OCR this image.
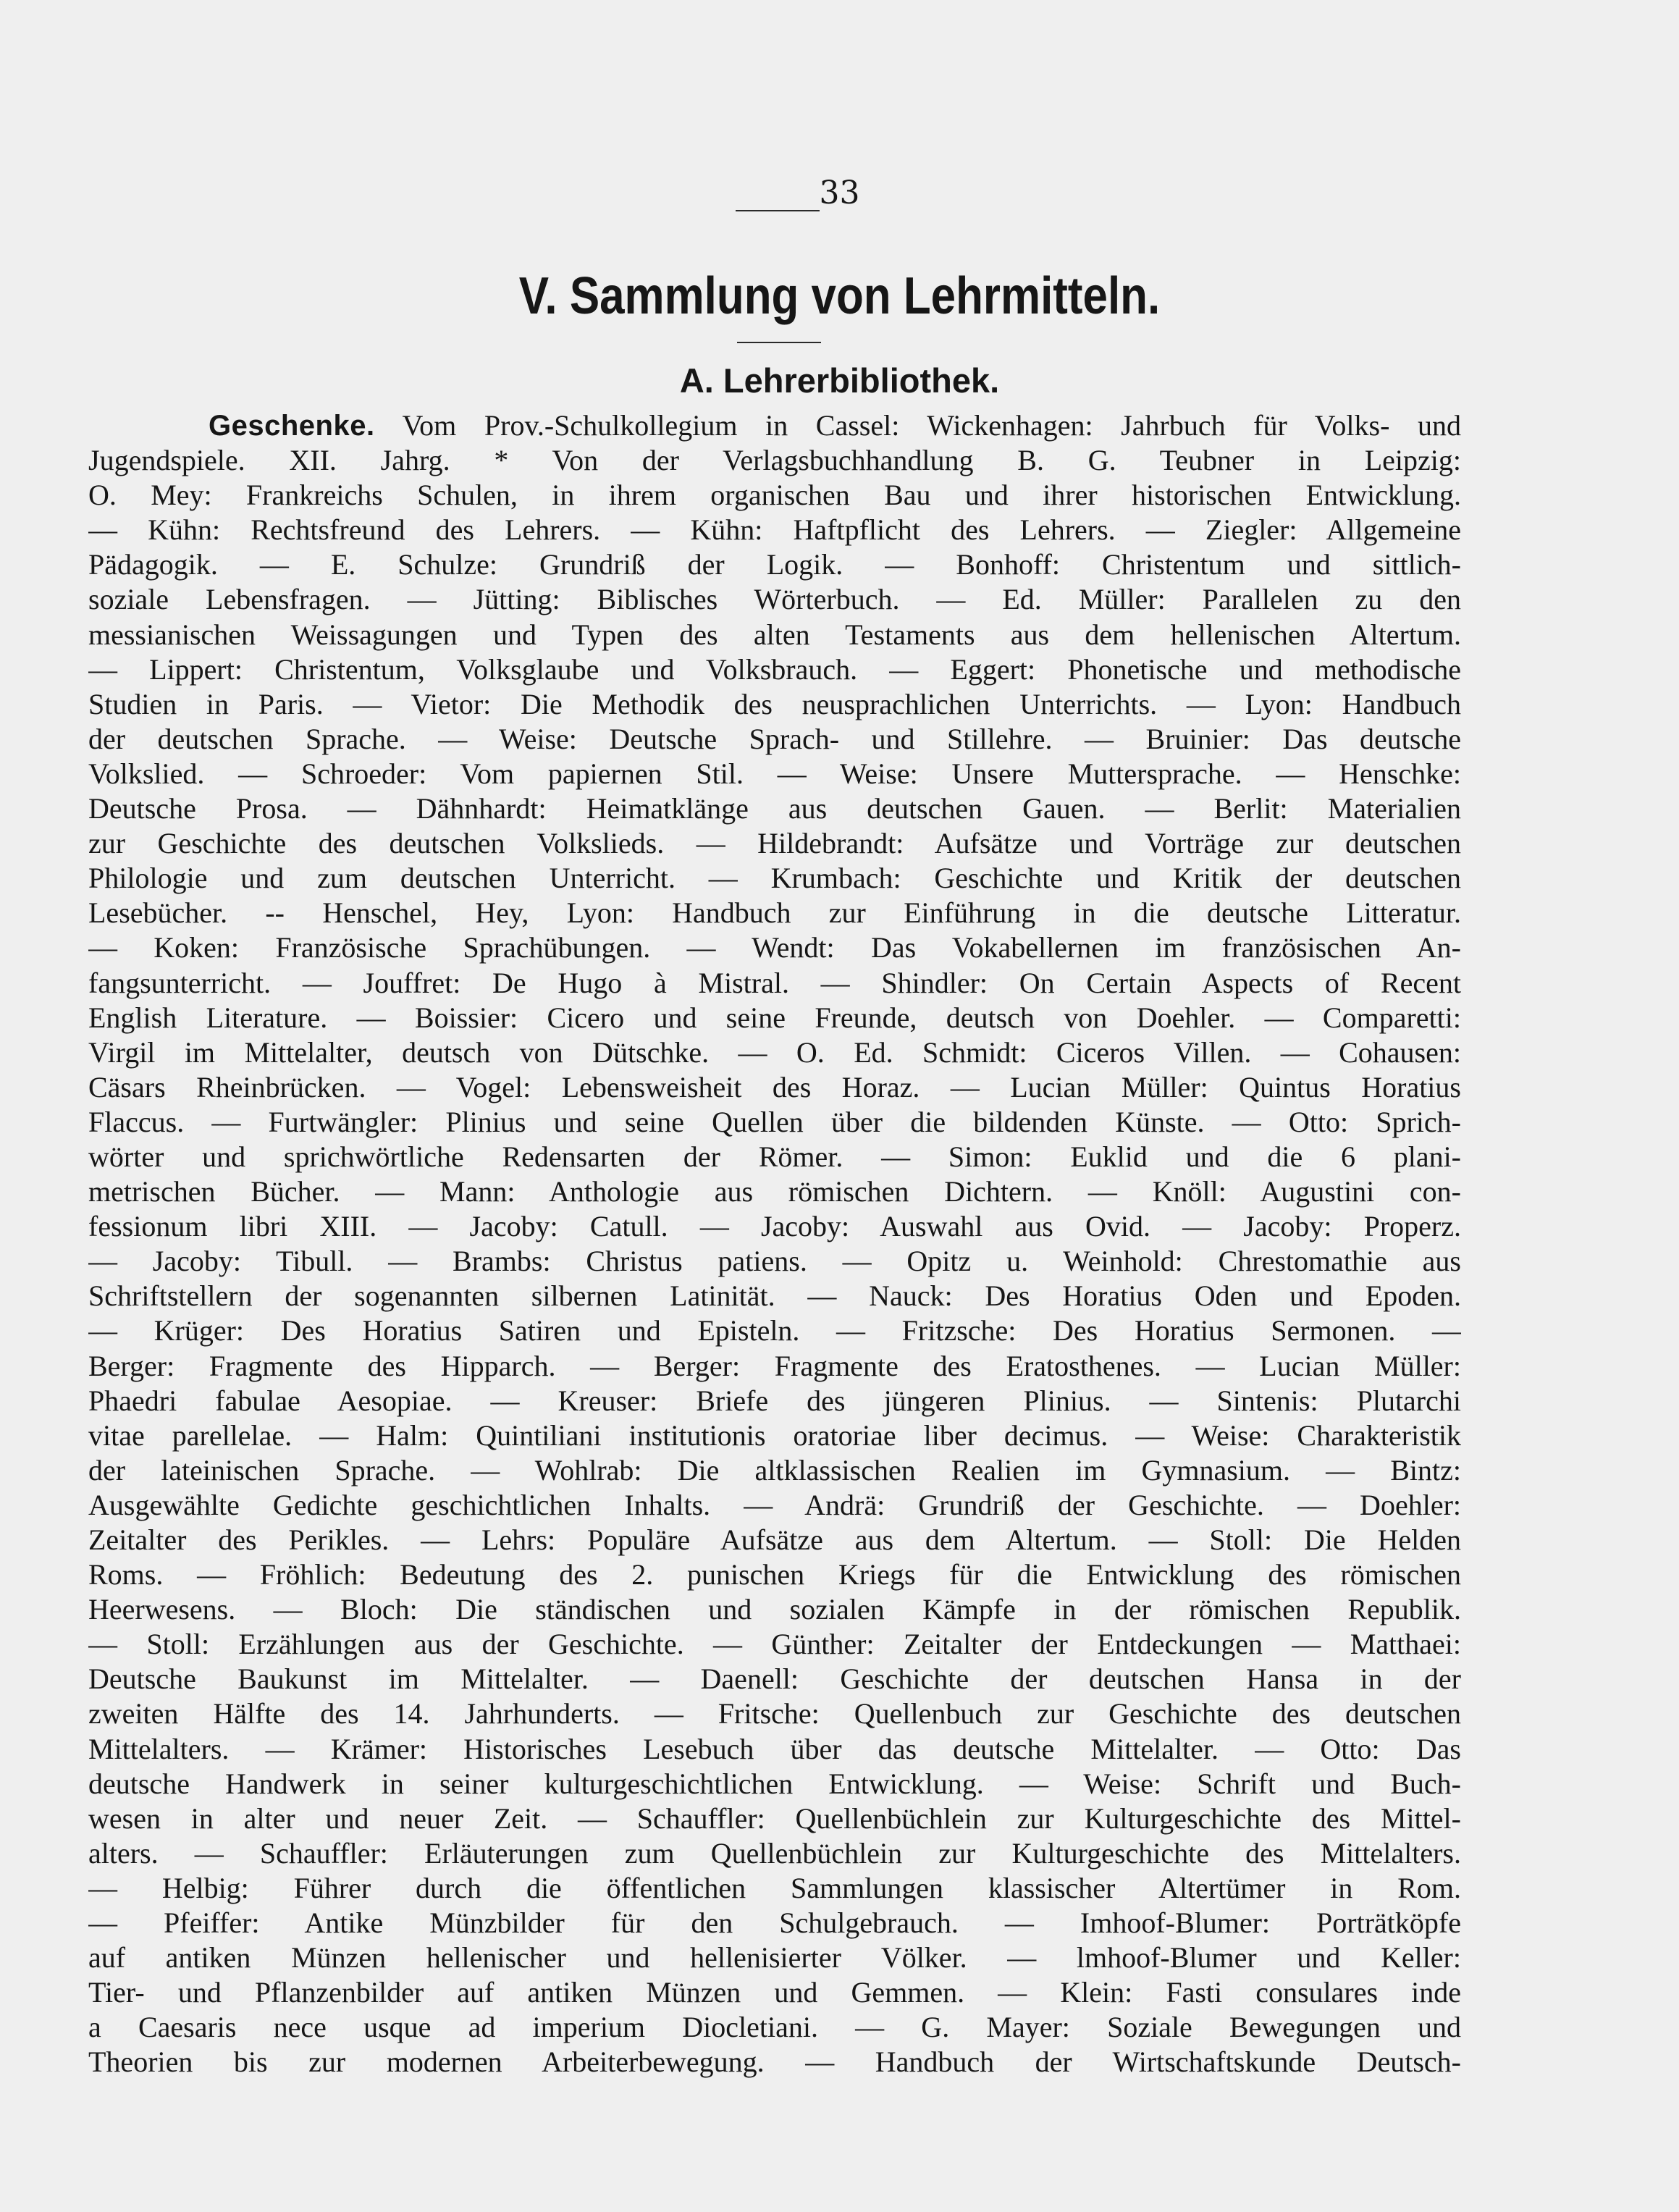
33
V. Sammlung von Lehrmitteln.
A. Lehrerbibliothek.
Geschenke. Vom Prov.-Schulkollegium in Cassel: Wickenhagen: Jahrbuch für Volks- und
Jugendspiele. XII. Jahrg. * Von der Verlagsbuchhandlung B. G. Teubner in Leipzig:
O. Mey: Frankreichs Schulen, in ihrem organischen Bau und ihrer historischen Entwicklung.
— Kühn: Rechtsfreund des Lehrers. — Kühn: Haftpflicht des Lehrers. — Ziegler: Allgemeine
Pädagogik. — E. Schulze: Grundriß der Logik. — Bonhoff: Christentum und sittlich-
soziale Lebensfragen. — Jütting: Biblisches Wörterbuch. — Ed. Müller: Parallelen zu den
messianischen Weissagungen und Typen des alten Testaments aus dem hellenischen Altertum.
— Lippert: Christentum, Volksglaube und Volksbrauch. — Eggert: Phonetische und methodische
Studien in Paris. — Vietor: Die Methodik des neusprachlichen Unterrichts. — Lyon: Handbuch
der deutschen Sprache. — Weise: Deutsche Sprach- und Stillehre. — Bruinier: Das deutsche
Volkslied. — Schroeder: Vom papiernen Stil. — Weise: Unsere Muttersprache. — Henschke:
Deutsche Prosa. — Dähnhardt: Heimatklänge aus deutschen Gauen. — Berlit: Materialien
zur Geschichte des deutschen Volkslieds. — Hildebrandt: Aufsätze und Vorträge zur deutschen
Philologie und zum deutschen Unterricht. — Krumbach: Geschichte und Kritik der deutschen
Lesebücher. -- Henschel, Hey, Lyon: Handbuch zur Einführung in die deutsche Litteratur.
— Koken: Französische Sprachübungen. — Wendt: Das Vokabellernen im französischen An-
fangsunterricht. — Jouffret: De Hugo à Mistral. — Shindler: On Certain Aspects of Recent
English Literature. — Boissier: Cicero und seine Freunde, deutsch von Doehler. — Comparetti:
Virgil im Mittelalter, deutsch von Dütschke. — O. Ed. Schmidt: Ciceros Villen. — Cohausen:
Cäsars Rheinbrücken. — Vogel: Lebensweisheit des Horaz. — Lucian Müller: Quintus Horatius
Flaccus. — Furtwängler: Plinius und seine Quellen über die bildenden Künste. — Otto: Sprich-
wörter und sprichwörtliche Redensarten der Römer. — Simon: Euklid und die 6 plani-
metrischen Bücher. — Mann: Anthologie aus römischen Dichtern. — Knöll: Augustini con-
fessionum libri XIII. — Jacoby: Catull. — Jacoby: Auswahl aus Ovid. — Jacoby: Properz.
— Jacoby: Tibull. — Brambs: Christus patiens. — Opitz u. Weinhold: Chrestomathie aus
Schriftstellern der sogenannten silbernen Latinität. — Nauck: Des Horatius Oden und Epoden.
— Krüger: Des Horatius Satiren und Episteln. — Fritzsche: Des Horatius Sermonen. —
Berger: Fragmente des Hipparch. — Berger: Fragmente des Eratosthenes. — Lucian Müller:
Phaedri fabulae Aesopiae. — Kreuser: Briefe des jüngeren Plinius. — Sintenis: Plutarchi
vitae parellelae. — Halm: Quintiliani institutionis oratoriae liber decimus. — Weise: Charakteristik
der lateinischen Sprache. — Wohlrab: Die altklassischen Realien im Gymnasium. — Bintz:
Ausgewählte Gedichte geschichtlichen Inhalts. — Andrä: Grundriß der Geschichte. — Doehler:
Zeitalter des Perikles. — Lehrs: Populäre Aufsätze aus dem Altertum. — Stoll: Die Helden
Roms. — Fröhlich: Bedeutung des 2. punischen Kriegs für die Entwicklung des römischen
Heerwesens. — Bloch: Die ständischen und sozialen Kämpfe in der römischen Republik.
— Stoll: Erzählungen aus der Geschichte. — Günther: Zeitalter der Entdeckungen — Matthaei:
Deutsche Baukunst im Mittelalter. — Daenell: Geschichte der deutschen Hansa in der
zweiten Hälfte des 14. Jahrhunderts. — Fritsche: Quellenbuch zur Geschichte des deutschen
Mittelalters. — Krämer: Historisches Lesebuch über das deutsche Mittelalter. — Otto: Das
deutsche Handwerk in seiner kulturgeschichtlichen Entwicklung. — Weise: Schrift und Buch-
wesen in alter und neuer Zeit. — Schauffler: Quellenbüchlein zur Kulturgeschichte des Mittel-
alters. — Schauffler: Erläuterungen zum Quellenbüchlein zur Kulturgeschichte des Mittelalters.
— Helbig: Führer durch die öffentlichen Sammlungen klassischer Altertümer in Rom.
— Pfeiffer: Antike Münzbilder für den Schulgebrauch. — Imhoof-Blumer: Porträtköpfe
auf antiken Münzen hellenischer und hellenisierter Völker. — lmhoof-Blumer und Keller:
Tier- und Pflanzenbilder auf antiken Münzen und Gemmen. — Klein: Fasti consulares inde
a Caesaris nece usque ad imperium Diocletiani. — G. Mayer: Soziale Bewegungen und
Theorien bis zur modernen Arbeiterbewegung. — Handbuch der Wirtschaftskunde Deutsch-
